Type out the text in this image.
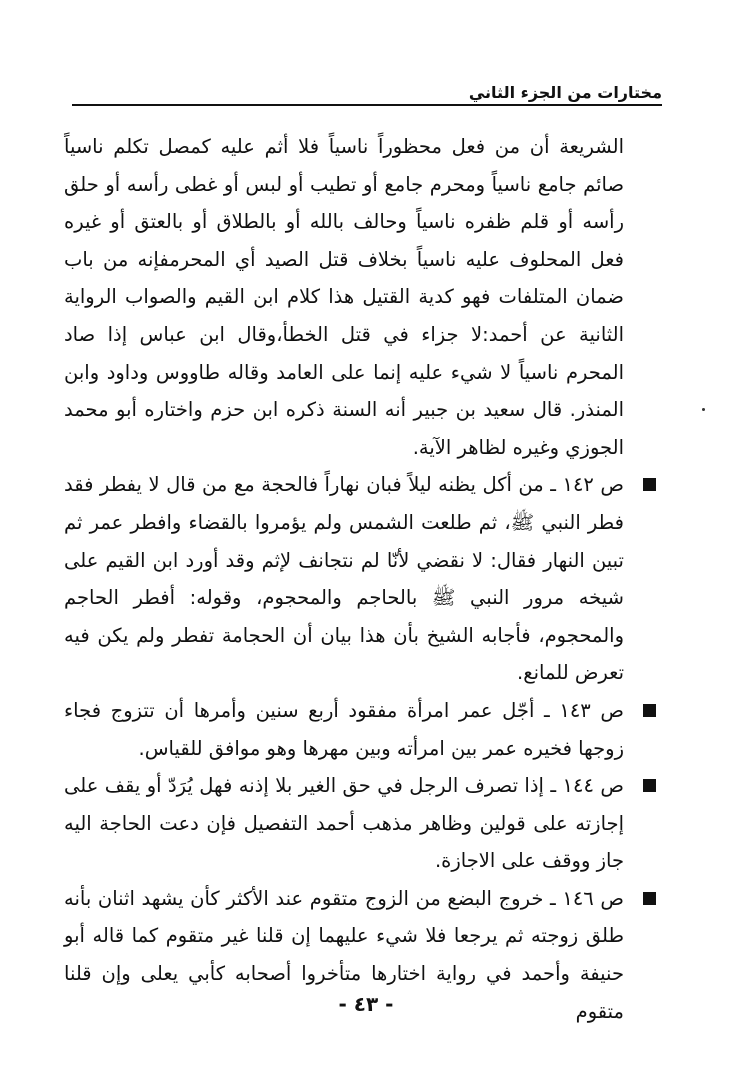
مختارات من الجزء الثاني

الشريعة أن من فعل محظوراً ناسياً فلا أثم عليه كمصل تكلم ناسياً صائم جامع ناسياً ومحرم جامع أو تطيب أو لبس أو غطى رأسه أو حلق رأسه أو قلم ظفره ناسياً وحالف بالله أو بالطلاق أو بالعتق أو غيره فعل المحلوف عليه ناسياً بخلاف قتل الصيد أي المحرمفإنه من باب ضمان المتلفات فهو كدية القتيل هذا كلام ابن القيم والصواب الرواية الثانية عن أحمد:لا جزاء في قتل الخطأ،وقال ابن عباس إذا صاد المحرم ناسياً لا شيء عليه إنما على العامد وقاله طاووس وداود وابن المنذر. قال سعيد بن جبير أنه السنة ذكره ابن حزم واختاره أبو محمد الجوزي وغيره لظاهر الآية.

ص ١٤٢ ـ من أكل يظنه ليلاً فبان نهاراً فالحجة مع من قال لا يفطر فقد فطر النبي ﷺ، ثم طلعت الشمس ولم يؤمروا بالقضاء وافطر عمر ثم تبين النهار فقال: لا نقضي لأنّا لم نتجانف لإثم وقد أورد ابن القيم على شيخه مرور النبي ﷺ بالحاجم والمحجوم، وقوله: أفطر الحاجم والمحجوم، فأجابه الشيخ بأن هذا بيان أن الحجامة تفطر ولم يكن فيه تعرض للمانع.
ص ١٤٣ ـ أجّل عمر امرأة مفقود أربع سنين وأمرها أن تتزوج فجاء زوجها فخيره عمر بين امرأته وبين مهرها وهو موافق للقياس.
ص ١٤٤ ـ إذا تصرف الرجل في حق الغير بلا إذنه فهل يُرَدّ أو يقف على إجازته على قولين وظاهر مذهب أحمد التفصيل فإن دعت الحاجة اليه جاز ووقف على الاجازة.
ص ١٤٦ ـ خروج البضع من الزوج متقوم عند الأكثر كأن يشهد اثنان بأنه طلق زوجته ثم يرجعا فلا شيء عليهما إن قلنا غير متقوم كما قاله أبو حنيفة وأحمد في رواية اختارها متأخروا أصحابه كأبي يعلى وإن قلنا متقوم
- ٤٣ -
